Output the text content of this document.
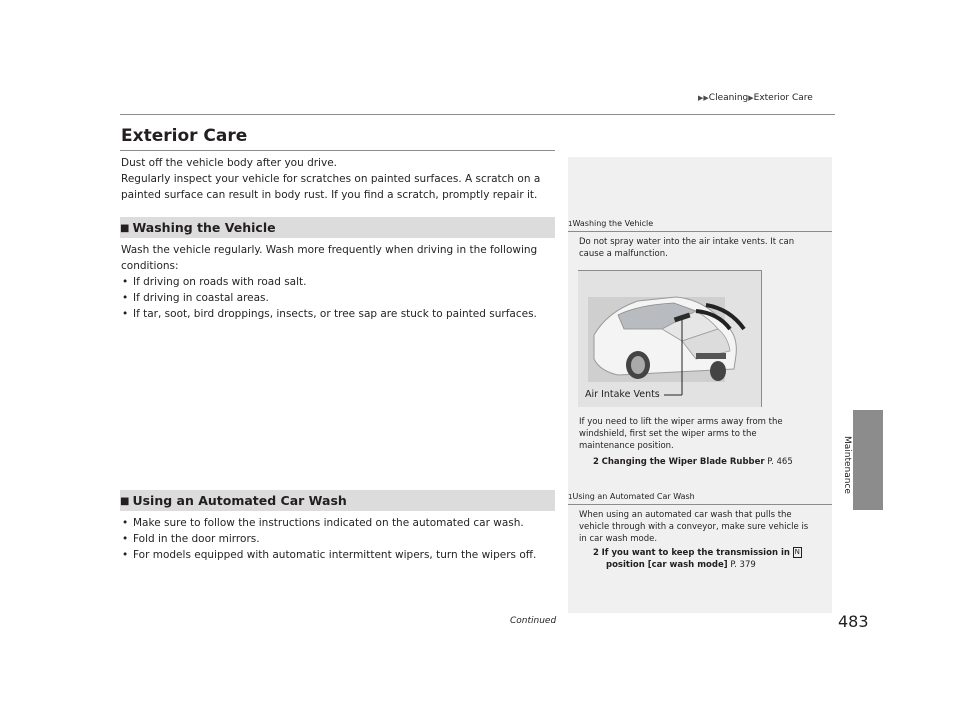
▶▶Cleaning▶Exterior Care
Exterior Care
Dust off the vehicle body after you drive.
Regularly inspect your vehicle for scratches on painted surfaces. A scratch on a
painted surface can result in body rust. If you find a scratch, promptly repair it.
■ Washing the Vehicle
Wash the vehicle regularly. Wash more frequently when driving in the following
conditions:
• If driving on roads with road salt.
• If driving in coastal areas.
• If tar, soot, bird droppings, insects, or tree sap are stuck to painted surfaces.
■ Using an Automated Car Wash
• Make sure to follow the instructions indicated on the automated car wash.
• Fold in the door mirrors.
• For models equipped with automatic intermittent wipers, turn the wipers off.
1Washing the Vehicle
Do not spray water into the air intake vents. It can
cause a malfunction.
Air Intake Vents
If you need to lift the wiper arms away from the
windshield, first set the wiper arms to the
maintenance position.
2 Changing the Wiper Blade Rubber P. 465
1Using an Automated Car Wash
When using an automated car wash that pulls the
vehicle through with a conveyor, make sure vehicle is
in car wash mode.
2 If you want to keep the transmission in N
position [car wash mode] P. 379
Maintenance
Continued	483
